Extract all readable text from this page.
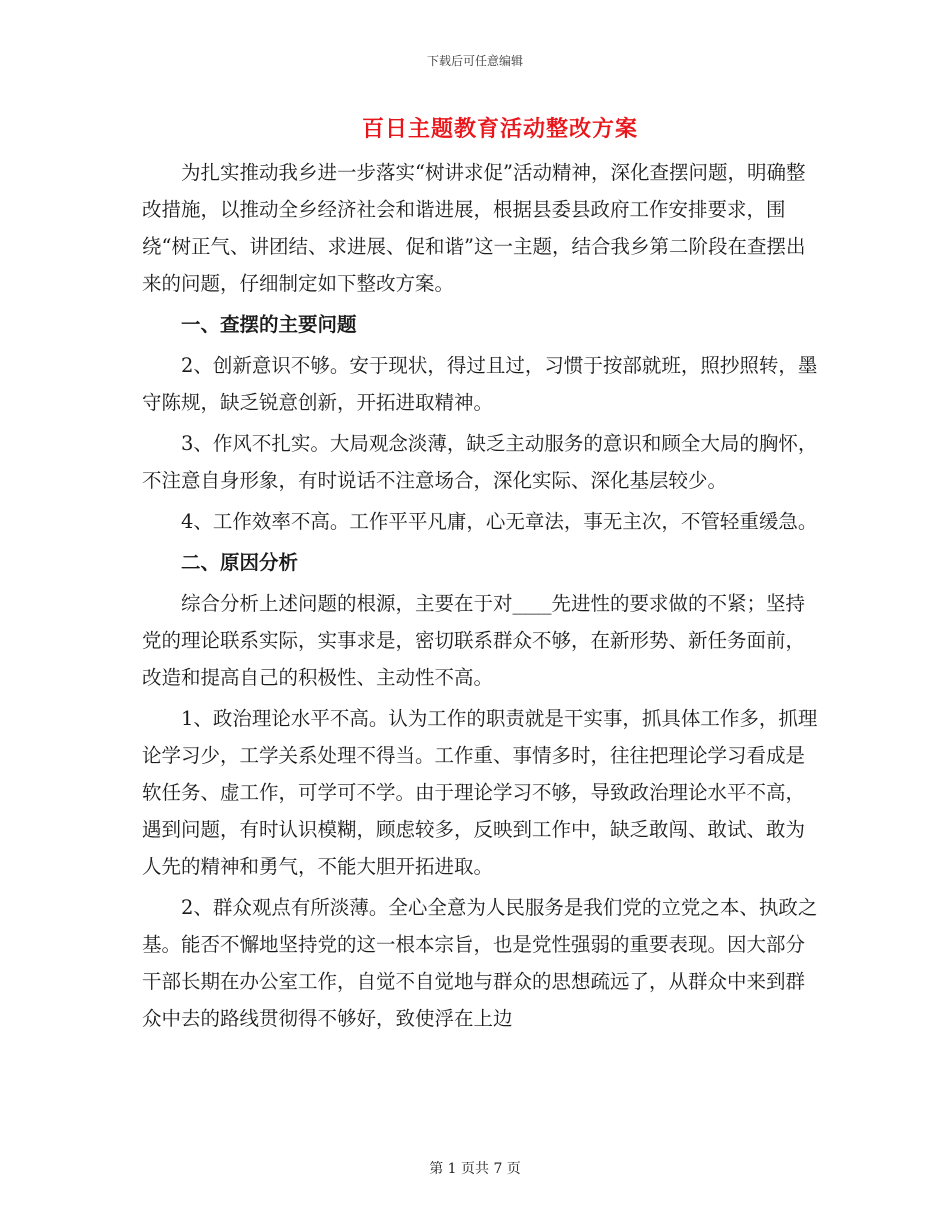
下载后可任意编辑
百日主题教育活动整改方案

为扎实推动我乡进一步落实“树讲求促”活动精神，深化查摆问题，明确整改措施，以推动全乡经济社会和谐进展，根据县委县政府工作安排要求，围绕“树正气、讲团结、求进展、促和谐”这一主题，结合我乡第二阶段在查摆出来的问题，仔细制定如下整改方案。

一、查摆的主要问题

2、创新意识不够。安于现状，得过且过，习惯于按部就班，照抄照转，墨守陈规，缺乏锐意创新，开拓进取精神。

3、作风不扎实。大局观念淡薄，缺乏主动服务的意识和顾全大局的胸怀，不注意自身形象，有时说话不注意场合，深化实际、深化基层较少。

4、工作效率不高。工作平平凡庸，心无章法，事无主次，不管轻重缓急。

二、原因分析

综合分析上述问题的根源，主要在于对____先进性的要求做的不紧；坚持党的理论联系实际，实事求是，密切联系群众不够，在新形势、新任务面前，改造和提高自己的积极性、主动性不高。

1、政治理论水平不高。认为工作的职责就是干实事，抓具体工作多，抓理论学习少，工学关系处理不得当。工作重、事情多时，往往把理论学习看成是软任务、虚工作，可学可不学。由于理论学习不够，导致政治理论水平不高，遇到问题，有时认识模糊，顾虑较多，反映到工作中，缺乏敢闯、敢试、敢为人先的精神和勇气，不能大胆开拓进取。

2、群众观点有所淡薄。全心全意为人民服务是我们党的立党之本、执政之基。能否不懈地坚持党的这一根本宗旨，也是党性强弱的重要表现。因大部分干部长期在办公室工作，自觉不自觉地与群众的思想疏远了，从群众中来到群众中去的路线贯彻得不够好，致使浮在上边

第 1 页共 7 页
